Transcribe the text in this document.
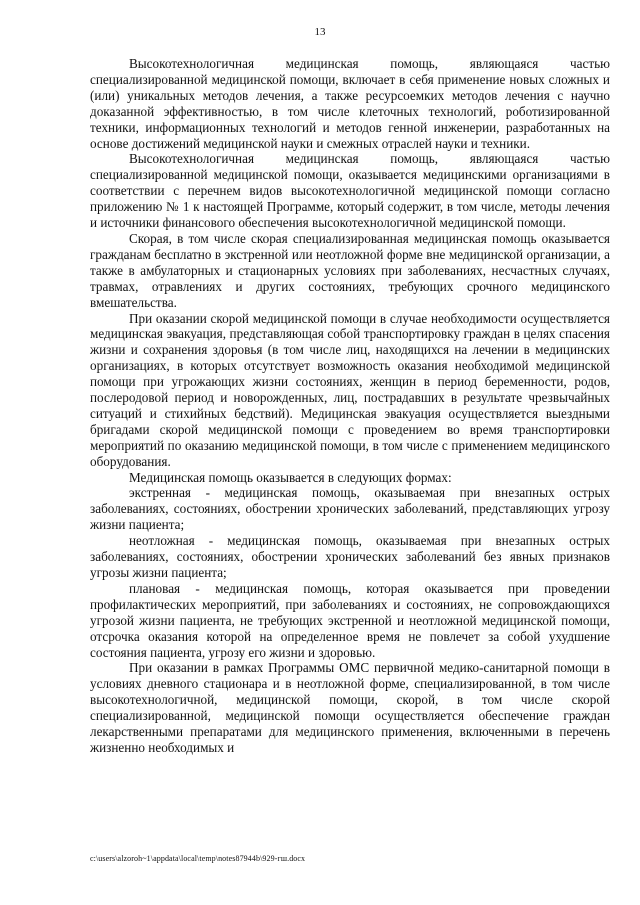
13

Высокотехнологичная медицинская помощь, являющаяся частью специализированной медицинской помощи, включает в себя применение новых сложных и (или) уникальных методов лечения, а также ресурсоемких методов лечения с научно доказанной эффективностью, в том числе клеточных технологий, роботизированной техники, информационных технологий и методов генной инженерии, разработанных на основе достижений медицинской науки и смежных отраслей науки и техники.

Высокотехнологичная медицинская помощь, являющаяся частью специализированной медицинской помощи, оказывается медицинскими организациями в соответствии с перечнем видов высокотехнологичной медицинской помощи согласно приложению № 1 к настоящей Программе, который содержит, в том числе, методы лечения и источники финансового обеспечения высокотехнологичной медицинской помощи.

Скорая, в том числе скорая специализированная медицинская помощь оказывается гражданам бесплатно в экстренной или неотложной форме вне медицинской организации, а также в амбулаторных и стационарных условиях при заболеваниях, несчастных случаях, травмах, отравлениях и других состояниях, требующих срочного медицинского вмешательства.

При оказании скорой медицинской помощи в случае необходимости осуществляется медицинская эвакуация, представляющая собой транспортировку граждан в целях спасения жизни и сохранения здоровья (в том числе лиц, находящихся на лечении в медицинских организациях, в которых отсутствует возможность оказания необходимой медицинской помощи при угрожающих жизни состояниях, женщин в период беременности, родов, послеродовой период и новорожденных, лиц, пострадавших в результате чрезвычайных ситуаций и стихийных бедствий). Медицинская эвакуация осуществляется выездными бригадами скорой медицинской помощи с проведением во время транспортировки мероприятий по оказанию медицинской помощи, в том числе с применением медицинского оборудования.

Медицинская помощь оказывается в следующих формах:

экстренная - медицинская помощь, оказываемая при внезапных острых заболеваниях, состояниях, обострении хронических заболеваний, представляющих угрозу жизни пациента;

неотложная - медицинская помощь, оказываемая при внезапных острых заболеваниях, состояниях, обострении хронических заболеваний без явных признаков угрозы жизни пациента;

плановая - медицинская помощь, которая оказывается при проведении профилактических мероприятий, при заболеваниях и состояниях, не сопровождающихся угрозой жизни пациента, не требующих экстренной и неотложной медицинской помощи, отсрочка оказания которой на определенное время не повлечет за собой ухудшение состояния пациента, угрозу его жизни и здоровью.

При оказании в рамках Программы ОМС первичной медико-санитарной помощи в условиях дневного стационара и в неотложной форме, специализированной, в том числе высокотехнологичной, медицинской помощи, скорой, в том числе скорой специализированной, медицинской помощи осуществляется обеспечение граждан лекарственными препаратами для медицинского применения, включенными в перечень жизненно необходимых и

c:\users\alzoroh~1\appdata\local\temp\notes87944b\929-гш.docx
